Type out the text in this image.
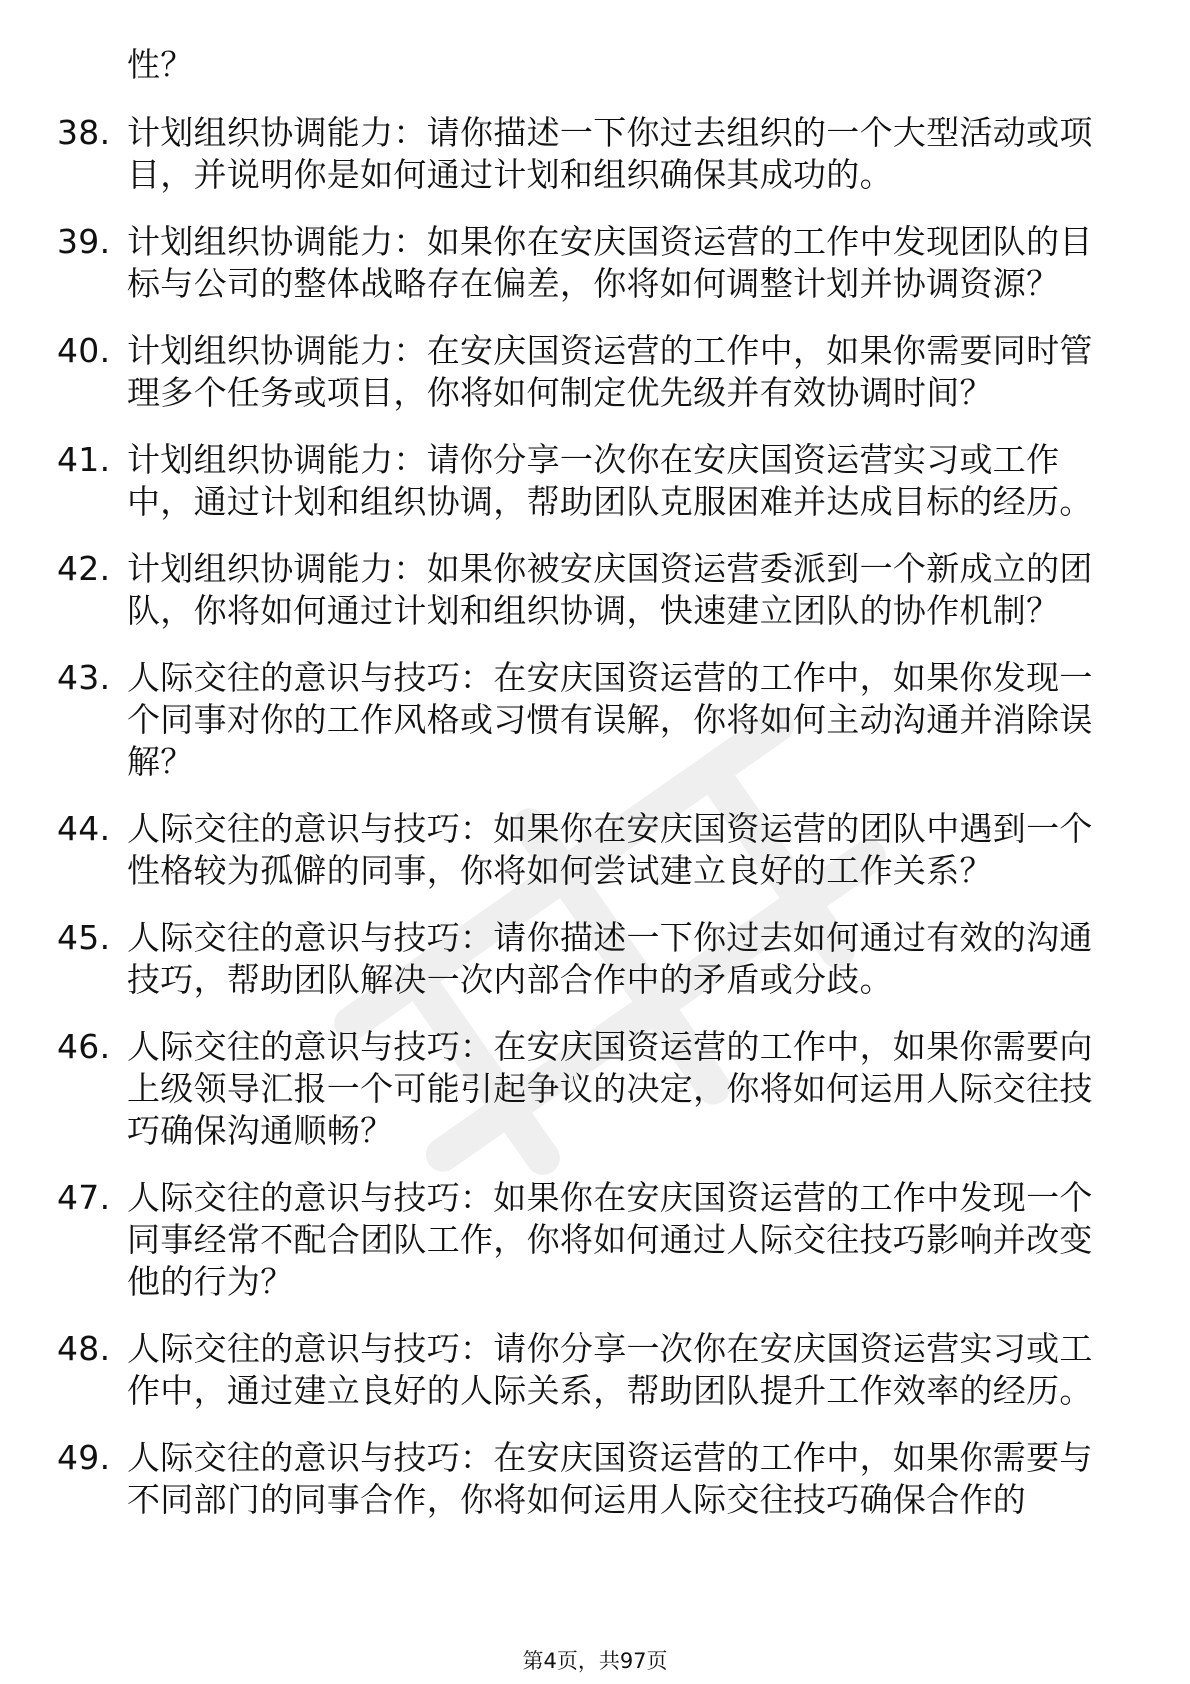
性？

38. 计划组织协调能力：请你描述一下你过去组织的一个大型活动或项目，并说明你是如何通过计划和组织确保其成功的。
39. 计划组织协调能力：如果你在安庆国资运营的工作中发现团队的目标与公司的整体战略存在偏差，你将如何调整计划并协调资源？
40. 计划组织协调能力：在安庆国资运营的工作中，如果你需要同时管理多个任务或项目，你将如何制定优先级并有效协调时间？
41. 计划组织协调能力：请你分享一次你在安庆国资运营实习或工作中，通过计划和组织协调，帮助团队克服困难并达成目标的经历。
42. 计划组织协调能力：如果你被安庆国资运营委派到一个新成立的团队，你将如何通过计划和组织协调，快速建立团队的协作机制？
43. 人际交往的意识与技巧：在安庆国资运营的工作中，如果你发现一个同事对你的工作风格或习惯有误解，你将如何主动沟通并消除误解？
44. 人际交往的意识与技巧：如果你在安庆国资运营的团队中遇到一个性格较为孤僻的同事，你将如何尝试建立良好的工作关系？
45. 人际交往的意识与技巧：请你描述一下你过去如何通过有效的沟通技巧，帮助团队解决一次内部合作中的矛盾或分歧。
46. 人际交往的意识与技巧：在安庆国资运营的工作中，如果你需要向上级领导汇报一个可能引起争议的决定，你将如何运用人际交往技巧确保沟通顺畅？
47. 人际交往的意识与技巧：如果你在安庆国资运营的工作中发现一个同事经常不配合团队工作，你将如何通过人际交往技巧影响并改变他的行为？
48. 人际交往的意识与技巧：请你分享一次你在安庆国资运营实习或工作中，通过建立良好的人际关系，帮助团队提升工作效率的经历。
49. 人际交往的意识与技巧：在安庆国资运营的工作中，如果你需要与不同部门的同事合作，你将如何运用人际交往技巧确保合作的
第4页，共97页
